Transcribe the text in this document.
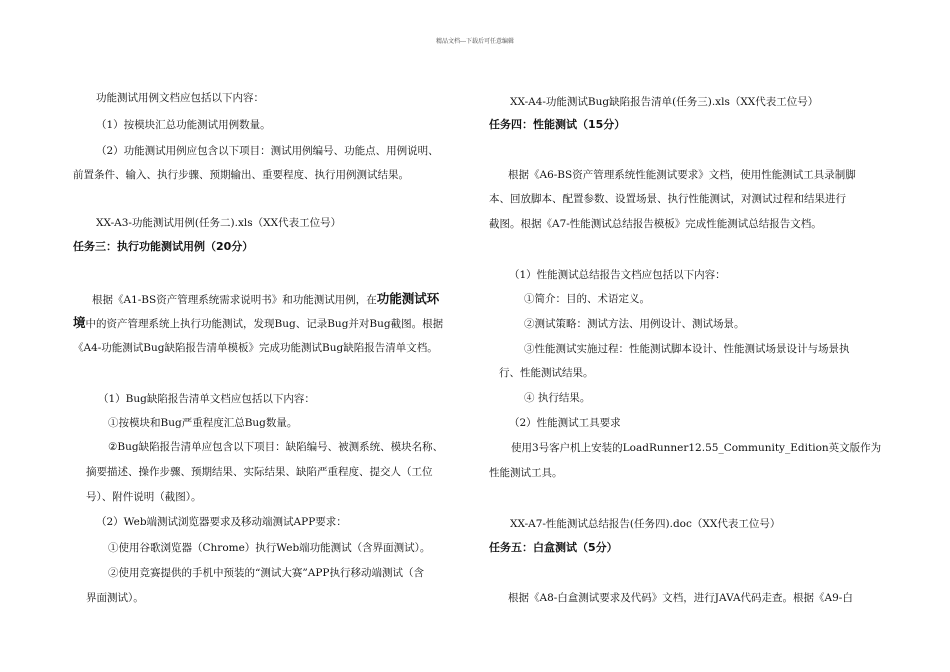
精品文档---下载后可任意编辑
功能测试用例文档应包括以下内容：
（1）按模块汇总功能测试用例数量。
（2）功能测试用例应包含以下项目：测试用例编号、功能点、用例说明、
前置条件、输入、执行步骤、预期输出、重要程度、执行用例测试结果。
XX-A3-功能测试用例(任务二).xls（XX代表工位号）
任务三：执行功能测试用例（20分）
根据《A1-BS资产管理系统需求说明书》和功能测试用例，在功能测试环
境中的资产管理系统上执行功能测试，发现Bug、记录Bug并对Bug截图。根据
《A4-功能测试Bug缺陷报告清单模板》完成功能测试Bug缺陷报告清单文档。
（1）Bug缺陷报告清单文档应包括以下内容：
①按模块和Bug严重程度汇总Bug数量。
②Bug缺陷报告清单应包含以下项目：缺陷编号、被测系统、模块名称、
摘要描述、操作步骤、预期结果、实际结果、缺陷严重程度、提交人（工位
号）、附件说明（截图）。
（2）Web端测试浏览器要求及移动端测试APP要求：
①使用谷歌浏览器（Chrome）执行Web端功能测试（含界面测试）。
②使用竞赛提供的手机中预装的“测试大赛”APP执行移动端测试（含
界面测试）。
XX-A4-功能测试Bug缺陷报告清单(任务三).xls（XX代表工位号）
任务四：性能测试（15分）
根据《A6-BS资产管理系统性能测试要求》文档，使用性能测试工具录制脚
本、回放脚本、配置参数、设置场景、执行性能测试，对测试过程和结果进行
截图。根据《A7-性能测试总结报告模板》完成性能测试总结报告文档。
（1）性能测试总结报告文档应包括以下内容：
①简介：目的、术语定义。
②测试策略：测试方法、用例设计、测试场景。
③性能测试实施过程：性能测试脚本设计、性能测试场景设计与场景执
行、性能测试结果。
④ 执行结果。
（2）性能测试工具要求
使用3号客户机上安装的LoadRunner12.55_Community_Edition英文版作为
性能测试工具。
XX-A7-性能测试总结报告(任务四).doc（XX代表工位号）
任务五：白盒测试（5分）
根据《A8-白盒测试要求及代码》文档，进行JAVA代码走查。根据《A9-白
